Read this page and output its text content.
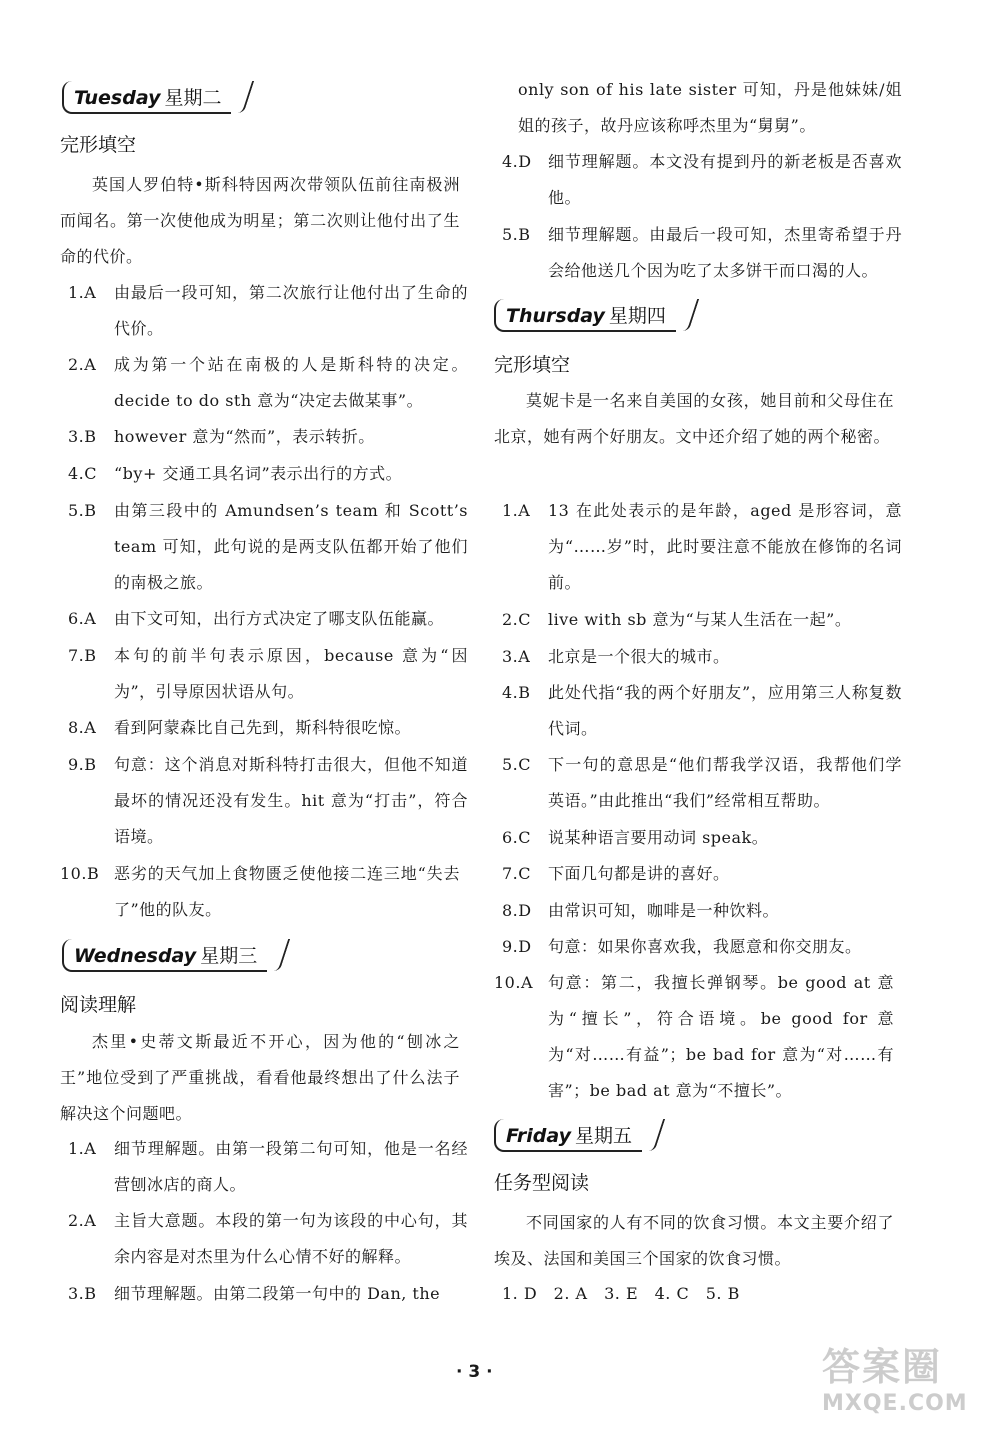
Tuesday 星期二
完形填空
英国人罗伯特•斯科特因两次带领队伍前往南极洲而闻名。第一次使他成为明星；第二次则让他付出了生命的代价。
1.A	由最后一段可知，第二次旅行让他付出了生命的代价。
2.A	成为第一个站在南极的人是斯科特的决定。decide to do sth 意为“决定去做某事”。
3.B	however 意为“然而”，表示转折。
4.C	“by+ 交通工具名词”表示出行的方式。
5.B	由第三段中的 Amundsen’s team 和 Scott’s team 可知，此句说的是两支队伍都开始了他们的南极之旅。
6.A	由下文可知，出行方式决定了哪支队伍能赢。
7.B	本句的前半句表示原因，because 意为“因为”，引导原因状语从句。
8.A	看到阿蒙森比自己先到，斯科特很吃惊。
9.B	句意：这个消息对斯科特打击很大，但他不知道最坏的情况还没有发生。hit 意为“打击”，符合语境。
10.B 恶劣的天气加上食物匮乏使他接二连三地“失去了”他的队友。
Wednesday 星期三
阅读理解
杰里•史蒂文斯最近不开心，因为他的“刨冰之王”地位受到了严重挑战，看看他最终想出了什么法子解决这个问题吧。
1.A	细节理解题。由第一段第二句可知，他是一名经营刨冰店的商人。
2.A	主旨大意题。本段的第一句为该段的中心句，其余内容是对杰里为什么心情不好的解释。
3.B	细节理解题。由第二段第一句中的 Dan, the
only son of his late sister 可知，丹是他妹妹/姐姐的孩子，故丹应该称呼杰里为“舅舅”。
4.D	细节理解题。本文没有提到丹的新老板是否喜欢他。
5.B	细节理解题。由最后一段可知，杰里寄希望于丹会给他送几个因为吃了太多饼干而口渴的人。
Thursday 星期四
完形填空
莫妮卡是一名来自美国的女孩，她目前和父母住在北京，她有两个好朋友。文中还介绍了她的两个秘密。
1.A	13 在此处表示的是年龄，aged 是形容词，意为“……岁”时，此时要注意不能放在修饰的名词前。
2.C	live with sb 意为“与某人生活在一起”。
3.A	北京是一个很大的城市。
4.B	此处代指“我的两个好朋友”，应用第三人称复数代词。
5.C	下一句的意思是“他们帮我学汉语，我帮他们学英语。”由此推出“我们”经常相互帮助。
6.C	说某种语言要用动词 speak。
7.C	下面几句都是讲的喜好。
8.D	由常识可知，咖啡是一种饮料。
9.D	句意：如果你喜欢我，我愿意和你交朋友。
10.A 句意：第二，我擅长弹钢琴。be good at 意为“擅长”，符合语境。be good for 意为“对……有益”；be bad for 意为“对……有害”；be bad at 意为“不擅长”。
Friday 星期五
任务型阅读
不同国家的人有不同的饮食习惯。本文主要介绍了埃及、法国和美国三个国家的饮食习惯。
1. D　2. A　3. E　4. C　5. B
· 3 ·	答案圈
MXQE.COM
